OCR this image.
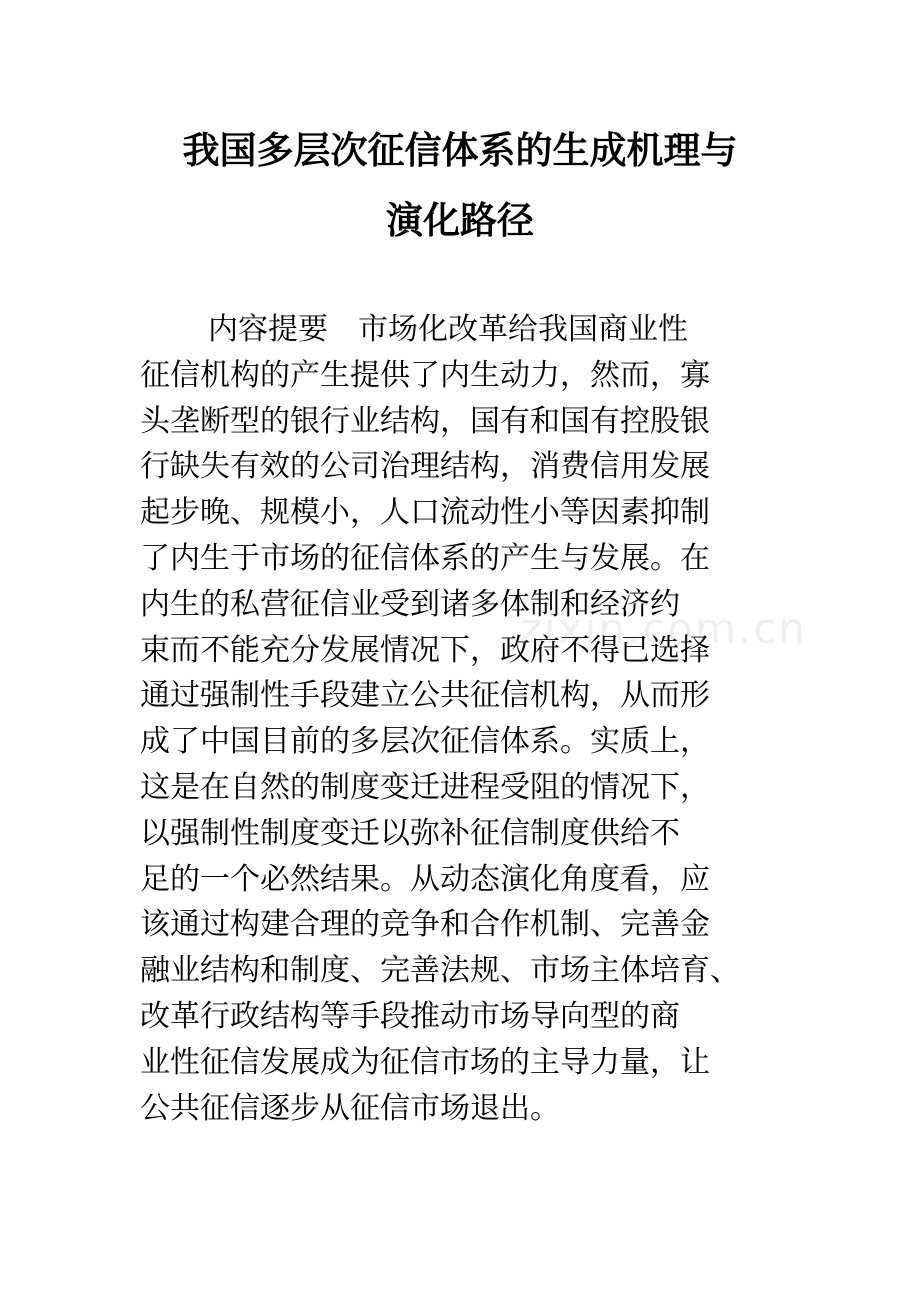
我国多层次征信体系的生成机理与
演化路径
内容提要 市场化改革给我国商业性
征信机构的产生提供了内生动力，然而，寡
头垄断型的银行业结构，国有和国有控股银
行缺失有效的公司治理结构，消费信用发展
起步晚、规模小，人口流动性小等因素抑制
了内生于市场的征信体系的产生与发展。在
内生的私营征信业受到诸多体制和经济约
束而不能充分发展情况下，政府不得已选择
通过强制性手段建立公共征信机构，从而形
成了中国目前的多层次征信体系。实质上，
这是在自然的制度变迁进程受阻的情况下，
以强制性制度变迁以弥补征信制度供给不
足的一个必然结果。从动态演化角度看，应
该通过构建合理的竞争和合作机制、完善金
融业结构和制度、完善法规、市场主体培育、
改革行政结构等手段推动市场导向型的商
业性征信发展成为征信市场的主导力量，让
公共征信逐步从征信市场退出。
zixin.com.cn
